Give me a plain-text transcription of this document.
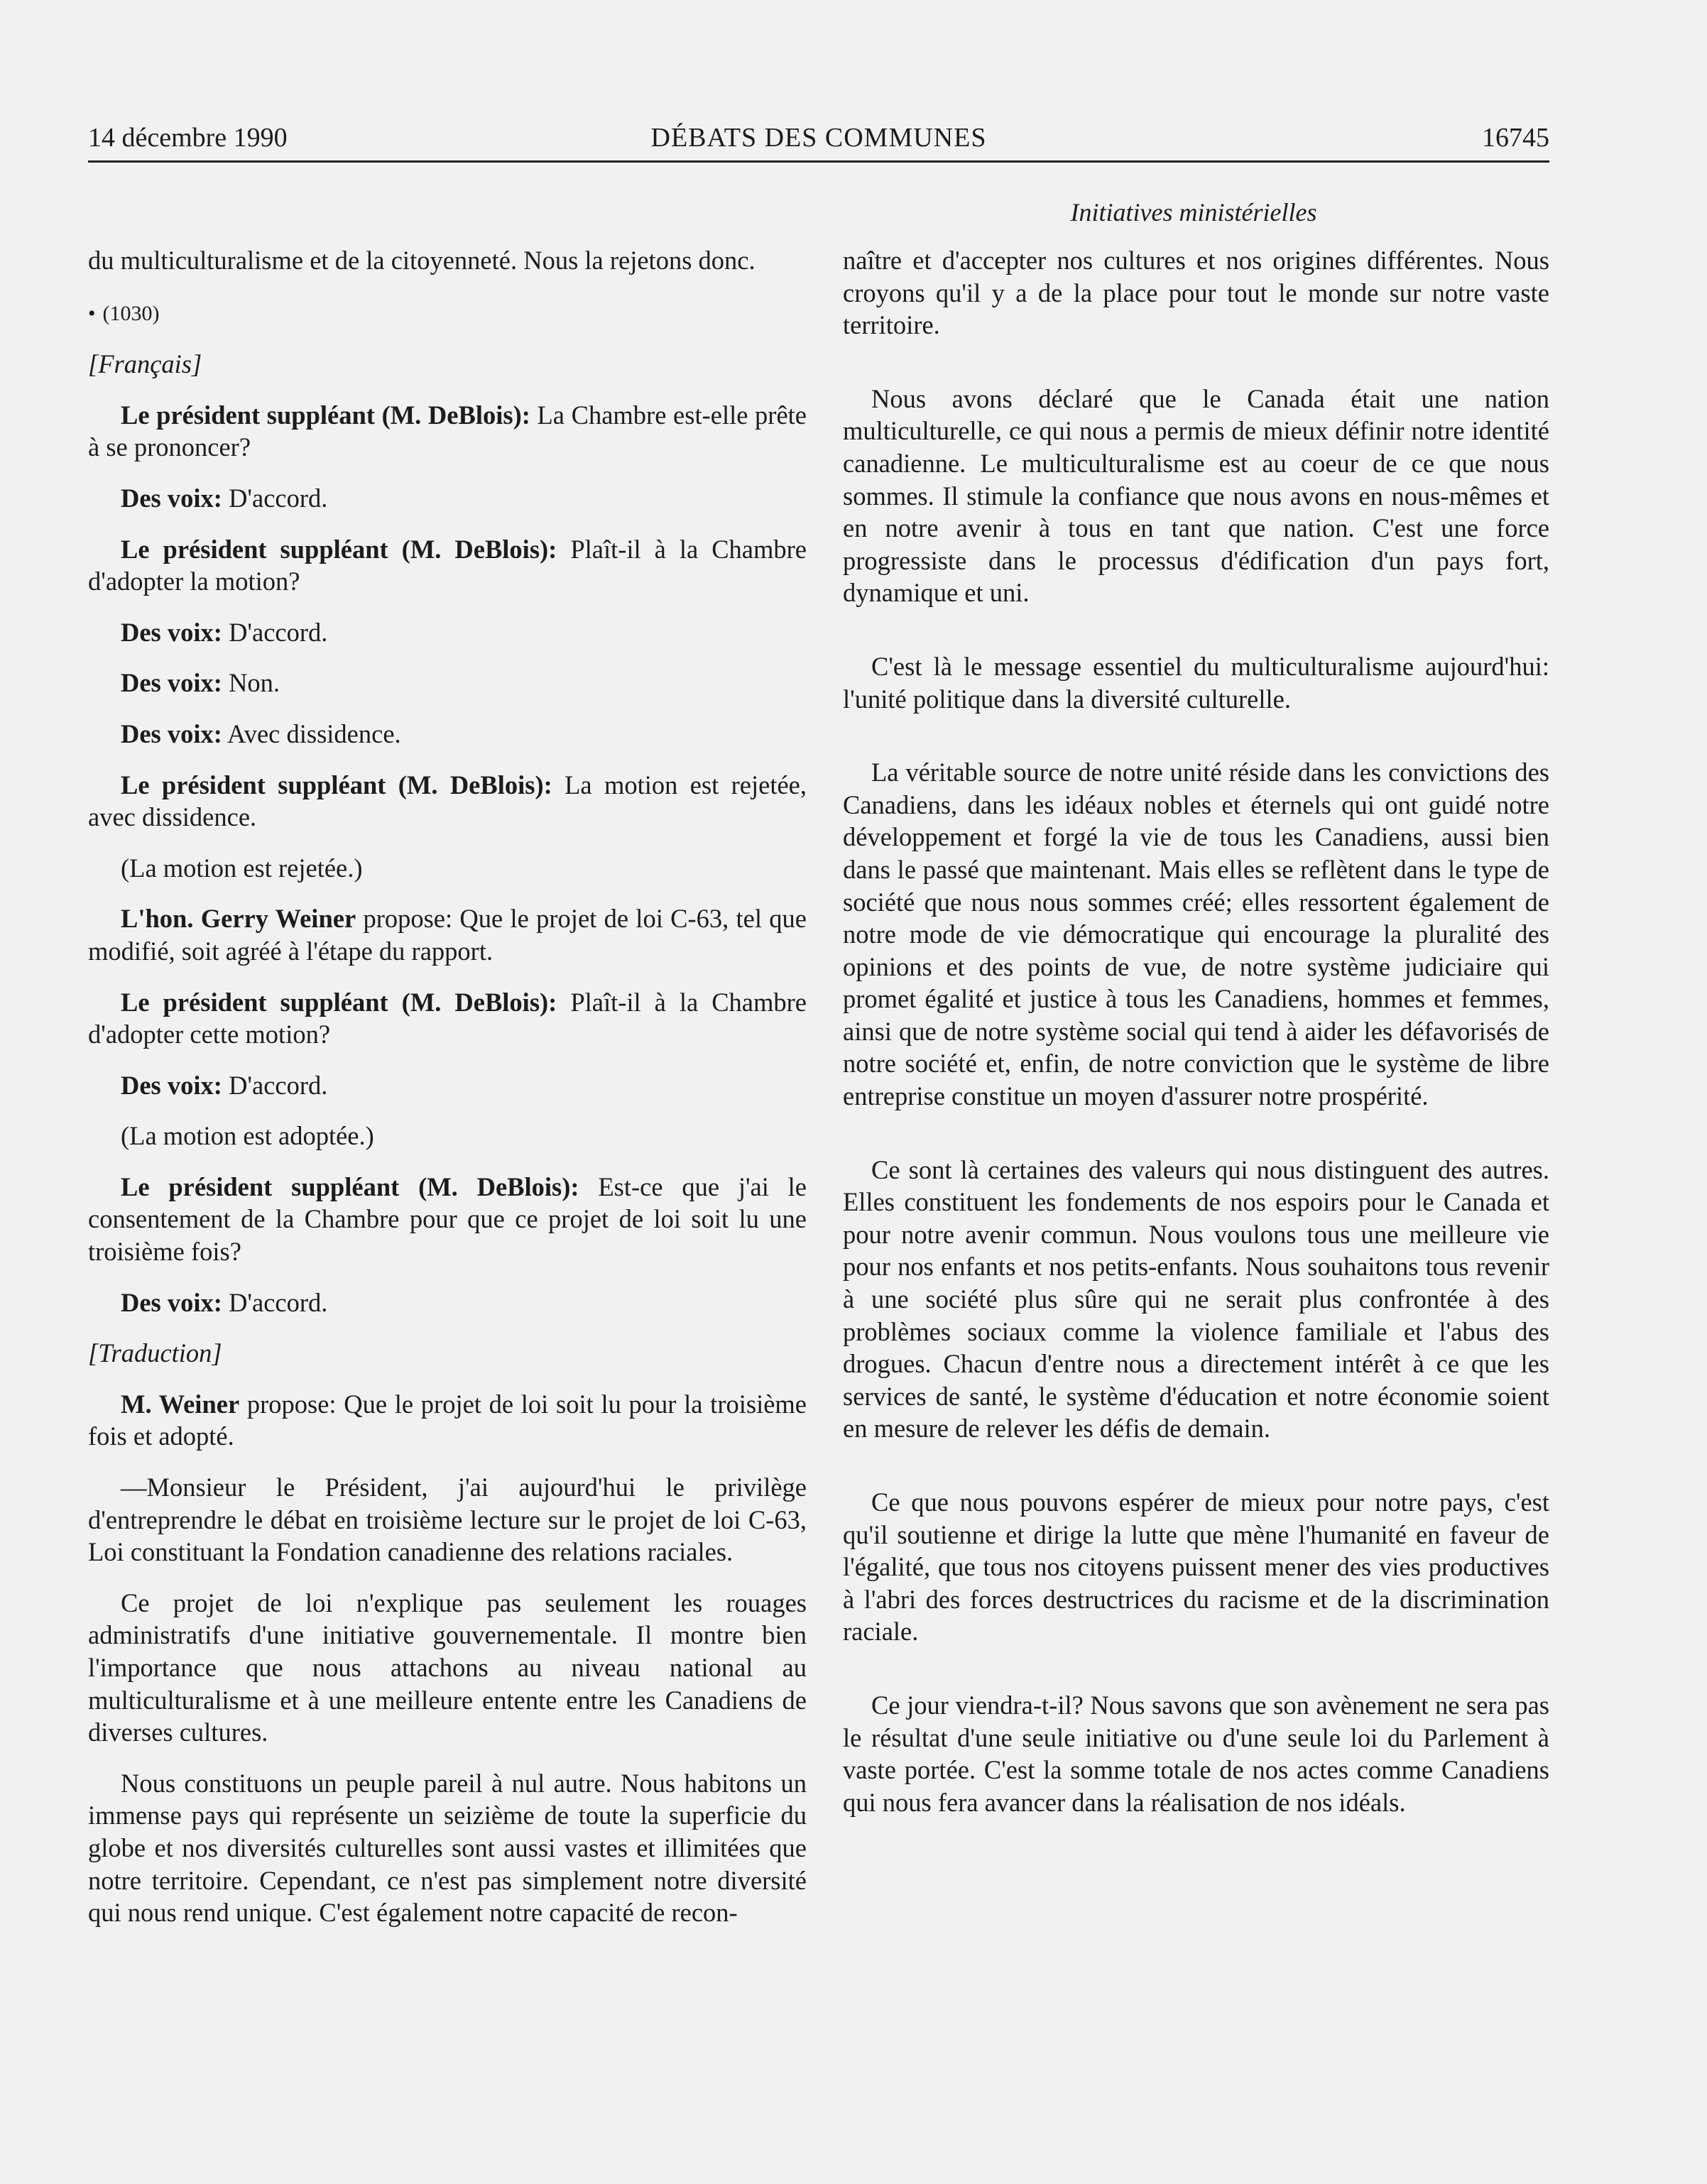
14 décembre 1990	DÉBATS DES COMMUNES	16745
Initiatives ministérielles

du multiculturalisme et de la citoyenneté. Nous la rejetons donc.

• (1030)

[Français]

Le président suppléant (M. DeBlois): La Chambre est-elle prête à se prononcer?

Des voix: D'accord.

Le président suppléant (M. DeBlois): Plaît-il à la Chambre d'adopter la motion?

Des voix: D'accord.

Des voix: Non.

Des voix: Avec dissidence.

Le président suppléant (M. DeBlois): La motion est rejetée, avec dissidence.

(La motion est rejetée.)

L'hon. Gerry Weiner propose: Que le projet de loi C-63, tel que modifié, soit agréé à l'étape du rapport.

Le président suppléant (M. DeBlois): Plaît-il à la Chambre d'adopter cette motion?

Des voix: D'accord.

(La motion est adoptée.)

Le président suppléant (M. DeBlois): Est-ce que j'ai le consentement de la Chambre pour que ce projet de loi soit lu une troisième fois?

Des voix: D'accord.

[Traduction]

M. Weiner propose: Que le projet de loi soit lu pour la troisième fois et adopté.

—Monsieur le Président, j'ai aujourd'hui le privilège d'entreprendre le débat en troisième lecture sur le projet de loi C-63, Loi constituant la Fondation canadienne des relations raciales.

Ce projet de loi n'explique pas seulement les rouages administratifs d'une initiative gouvernementale. Il montre bien l'importance que nous attachons au niveau national au multiculturalisme et à une meilleure entente entre les Canadiens de diverses cultures.

Nous constituons un peuple pareil à nul autre. Nous habitons un immense pays qui représente un seizième de toute la superficie du globe et nos diversités culturelles sont aussi vastes et illimitées que notre territoire. Cependant, ce n'est pas simplement notre diversité qui nous rend unique. C'est également notre capacité de recon-

naître et d'accepter nos cultures et nos origines différentes. Nous croyons qu'il y a de la place pour tout le monde sur notre vaste territoire.

Nous avons déclaré que le Canada était une nation multiculturelle, ce qui nous a permis de mieux définir notre identité canadienne. Le multiculturalisme est au coeur de ce que nous sommes. Il stimule la confiance que nous avons en nous-mêmes et en notre avenir à tous en tant que nation. C'est une force progressiste dans le processus d'édification d'un pays fort, dynamique et uni.

C'est là le message essentiel du multiculturalisme aujourd'hui: l'unité politique dans la diversité culturelle.

La véritable source de notre unité réside dans les convictions des Canadiens, dans les idéaux nobles et éternels qui ont guidé notre développement et forgé la vie de tous les Canadiens, aussi bien dans le passé que maintenant. Mais elles se reflètent dans le type de société que nous nous sommes créé; elles ressortent également de notre mode de vie démocratique qui encourage la pluralité des opinions et des points de vue, de notre système judiciaire qui promet égalité et justice à tous les Canadiens, hommes et femmes, ainsi que de notre système social qui tend à aider les défavorisés de notre société et, enfin, de notre conviction que le système de libre entreprise constitue un moyen d'assurer notre prospérité.

Ce sont là certaines des valeurs qui nous distinguent des autres. Elles constituent les fondements de nos espoirs pour le Canada et pour notre avenir commun. Nous voulons tous une meilleure vie pour nos enfants et nos petits-enfants. Nous souhaitons tous revenir à une société plus sûre qui ne serait plus confrontée à des problèmes sociaux comme la violence familiale et l'abus des drogues. Chacun d'entre nous a directement intérêt à ce que les services de santé, le système d'éducation et notre économie soient en mesure de relever les défis de demain.

Ce que nous pouvons espérer de mieux pour notre pays, c'est qu'il soutienne et dirige la lutte que mène l'humanité en faveur de l'égalité, que tous nos citoyens puissent mener des vies productives à l'abri des forces destructrices du racisme et de la discrimination raciale.

Ce jour viendra-t-il? Nous savons que son avènement ne sera pas le résultat d'une seule initiative ou d'une seule loi du Parlement à vaste portée. C'est la somme totale de nos actes comme Canadiens qui nous fera avancer dans la réalisation de nos idéals.
